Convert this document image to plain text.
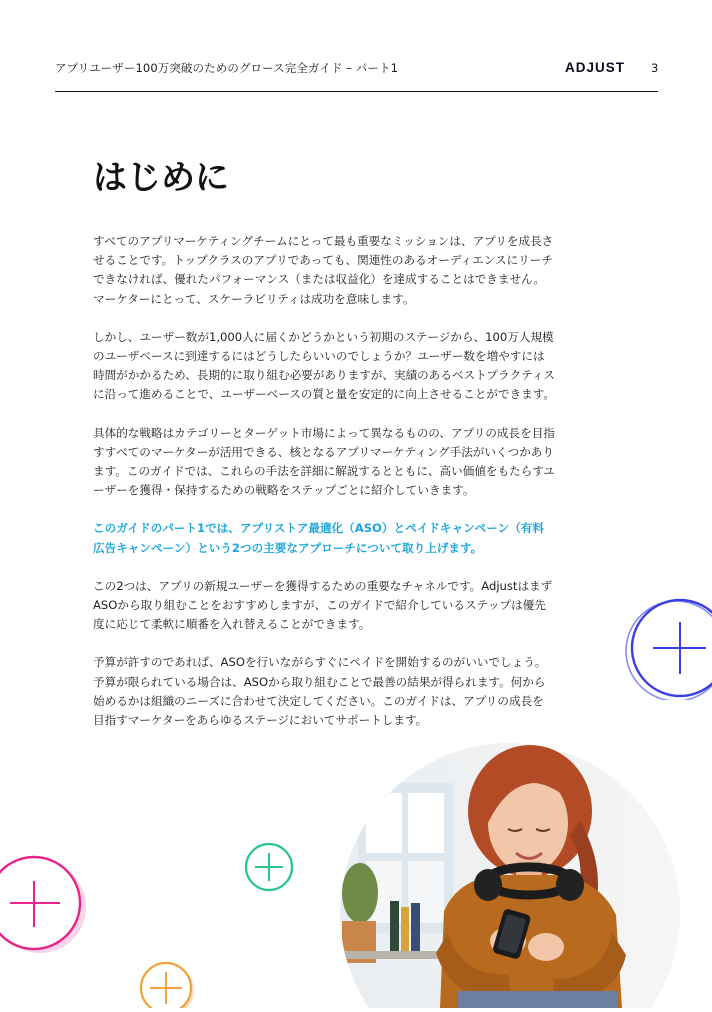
アプリユーザー100万突破のためのグロース完全ガイド – パート1	ADJUST 3
はじめに

すべてのアプリマーケティングチームにとって最も重要なミッションは、アプリを成長させることです。トップクラスのアプリであっても、関連性のあるオーディエンスにリーチできなければ、優れたパフォーマンス（または収益化）を達成することはできません。マーケターにとって、スケーラビリティは成功を意味します。

しかし、ユーザー数が1,000人に届くかどうかという初期のステージから、100万人規模のユーザベースに到達するにはどうしたらいいのでしょうか？ユーザー数を増やすには時間がかかるため、長期的に取り組む必要がありますが、実績のあるベストプラクティスに沿って進めることで、ユーザーベースの質と量を安定的に向上させることができます。

具体的な戦略はカテゴリーとターゲット市場によって異なるものの、アプリの成長を目指すすべてのマーケターが活用できる、核となるアプリマーケティング手法がいくつかあります。このガイドでは、これらの手法を詳細に解説するとともに、高い価値をもたらすユーザーを獲得・保持するための戦略をステップごとに紹介していきます。

このガイドのパート1では、アプリストア最適化（ASO）とペイドキャンペーン（有料広告キャンペーン）という2つの主要なアプローチについて取り上げます。

この2つは、アプリの新規ユーザーを獲得するための重要なチャネルです。AdjustはまずASOから取り組むことをおすすめしますが、このガイドで紹介しているステップは優先度に応じて柔軟に順番を入れ替えることができます。

予算が許すのであれば、ASOを行いながらすぐにペイドを開始するのがいいでしょう。予算が限られている場合は、ASOから取り組むことで最善の結果が得られます。何から始めるかは組織のニーズに合わせて決定してください。このガイドは、アプリの成長を目指すマーケターをあらゆるステージにおいてサポートします。
